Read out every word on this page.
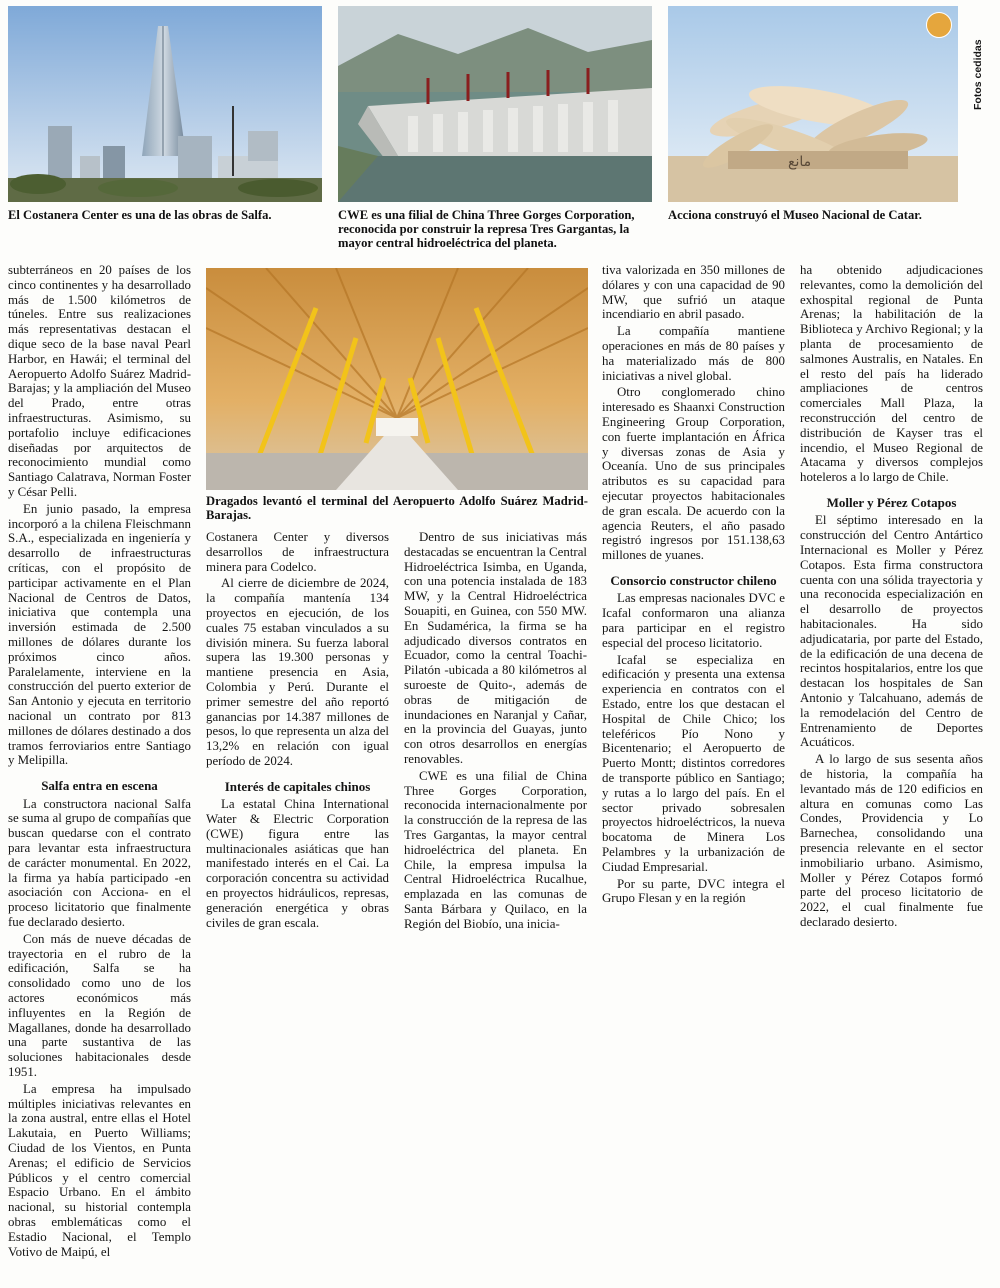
مانع
Fotos cedidas
El Costanera Center es una de las obras de Salfa.	CWE es una filial de China Three Gorges Corporation, reconocida por construir la represa Tres Gargantas, la mayor central hidroeléctrica del planeta.
Acciona construyó el Museo Nacional de Catar.
Dragados levantó el terminal del Aeropuerto Adolfo Suárez Madrid-Barajas.

subterráneos en 20 países de los cinco continentes y ha desarrollado más de 1.500 kilómetros de túneles. Entre sus realizaciones más representativas destacan el dique seco de la base naval Pearl Harbor, en Hawái; el terminal del Aeropuerto Adolfo Suárez Madrid-Barajas; y la ampliación del Museo del Prado, entre otras infraestructuras. Asimismo, su portafolio incluye edificaciones diseñadas por arquitectos de reconocimiento mundial como Santiago Calatrava, Norman Foster y César Pelli.

En junio pasado, la empresa incorporó a la chilena Fleischmann S.A., especializada en ingeniería y desarrollo de infraestructuras críticas, con el propósito de participar activamente en el Plan Nacional de Centros de Datos, iniciativa que contempla una inversión estimada de 2.500 millones de dólares durante los próximos cinco años. Paralelamente, interviene en la construcción del puerto exterior de San Antonio y ejecuta en territorio nacional un contrato por 813 millones de dólares destinado a dos tramos ferroviarios entre Santiago y Melipilla.

Salfa entra en escena

La constructora nacional Salfa se suma al grupo de compañías que buscan quedarse con el contrato para levantar esta infraestructura de carácter monumental. En 2022, la firma ya había participado -en asociación con Acciona- en el proceso licitatorio que finalmente fue declarado desierto.

Con más de nueve décadas de trayectoria en el rubro de la edificación, Salfa se ha consolidado como uno de los actores económicos más influyentes en la Región de Magallanes, donde ha desarrollado una parte sustantiva de las soluciones habitacionales desde 1951.

La empresa ha impulsado múltiples iniciativas relevantes en la zona austral, entre ellas el Hotel Lakutaia, en Puerto Williams; Ciudad de los Vientos, en Punta Arenas; el edificio de Servicios Públicos y el centro comercial Espacio Urbano. En el ámbito nacional, su historial contempla obras emblemáticas como el Estadio Nacional, el Templo Votivo de Maipú, el

Costanera Center y diversos desarrollos de infraestructura minera para Codelco.

Al cierre de diciembre de 2024, la compañía mantenía 134 proyectos en ejecución, de los cuales 75 estaban vinculados a su división minera. Su fuerza laboral supera las 19.300 personas y mantiene presencia en Asia, Colombia y Perú. Durante el primer semestre del año reportó ganancias por 14.387 millones de pesos, lo que representa un alza del 13,2% en relación con igual período de 2024.

Interés de capitales chinos

La estatal China International Water & Electric Corporation (CWE) figura entre las multinacionales asiáticas que han manifestado interés en el Cai. La corporación concentra su actividad en proyectos hidráulicos, represas, generación energética y obras civiles de gran escala.

Dentro de sus iniciativas más destacadas se encuentran la Central Hidroeléctrica Isimba, en Uganda, con una potencia instalada de 183 MW, y la Central Hidroeléctrica Souapiti, en Guinea, con 550 MW. En Sudamérica, la firma se ha adjudicado diversos contratos en Ecuador, como la central Toachi-Pilatón -ubicada a 80 kilómetros al suroeste de Quito-, además de obras de mitigación de inundaciones en Naranjal y Cañar, en la provincia del Guayas, junto con otros desarrollos en energías renovables.

CWE es una filial de China Three Gorges Corporation, reconocida internacionalmente por la construcción de la represa de las Tres Gargantas, la mayor central hidroeléctrica del planeta. En Chile, la empresa impulsa la Central Hidroeléctrica Rucalhue, emplazada en las comunas de Santa Bárbara y Quilaco, en la Región del Biobío, una inicia-

tiva valorizada en 350 millones de dólares y con una capacidad de 90 MW, que sufrió un ataque incendiario en abril pasado.

La compañía mantiene operaciones en más de 80 países y ha materializado más de 800 iniciativas a nivel global.

Otro conglomerado chino interesado es Shaanxi Construction Engineering Group Corporation, con fuerte implantación en África y diversas zonas de Asia y Oceanía. Uno de sus principales atributos es su capacidad para ejecutar proyectos habitacionales de gran escala. De acuerdo con la agencia Reuters, el año pasado registró ingresos por 151.138,63 millones de yuanes.

Consorcio constructor chileno

Las empresas nacionales DVC e Icafal conformaron una alianza para participar en el registro especial del proceso licitatorio.

Icafal se especializa en edificación y presenta una extensa experiencia en contratos con el Estado, entre los que destacan el Hospital de Chile Chico; los teleféricos Pío Nono y Bicentenario; el Aeropuerto de Puerto Montt; distintos corredores de transporte público en Santiago; y rutas a lo largo del país. En el sector privado sobresalen proyectos hidroeléctricos, la nueva bocatoma de Minera Los Pelambres y la urbanización de Ciudad Empresarial.

Por su parte, DVC integra el Grupo Flesan y en la región

ha obtenido adjudicaciones relevantes, como la demolición del exhospital regional de Punta Arenas; la habilitación de la Biblioteca y Archivo Regional; y la planta de procesamiento de salmones Australis, en Natales. En el resto del país ha liderado ampliaciones de centros comerciales Mall Plaza, la reconstrucción del centro de distribución de Kayser tras el incendio, el Museo Regional de Atacama y diversos complejos hoteleros a lo largo de Chile.

Moller y Pérez Cotapos

El séptimo interesado en la construcción del Centro Antártico Internacional es Moller y Pérez Cotapos. Esta firma constructora cuenta con una sólida trayectoria y una reconocida especialización en el desarrollo de proyectos habitacionales. Ha sido adjudicataria, por parte del Estado, de la edificación de una decena de recintos hospitalarios, entre los que destacan los hospitales de San Antonio y Talcahuano, además de la remodelación del Centro de Entrenamiento de Deportes Acuáticos.

A lo largo de sus sesenta años de historia, la compañía ha levantado más de 120 edificios en altura en comunas como Las Condes, Providencia y Lo Barnechea, consolidando una presencia relevante en el sector inmobiliario urbano. Asimismo, Moller y Pérez Cotapos formó parte del proceso licitatorio de 2022, el cual finalmente fue declarado desierto.
